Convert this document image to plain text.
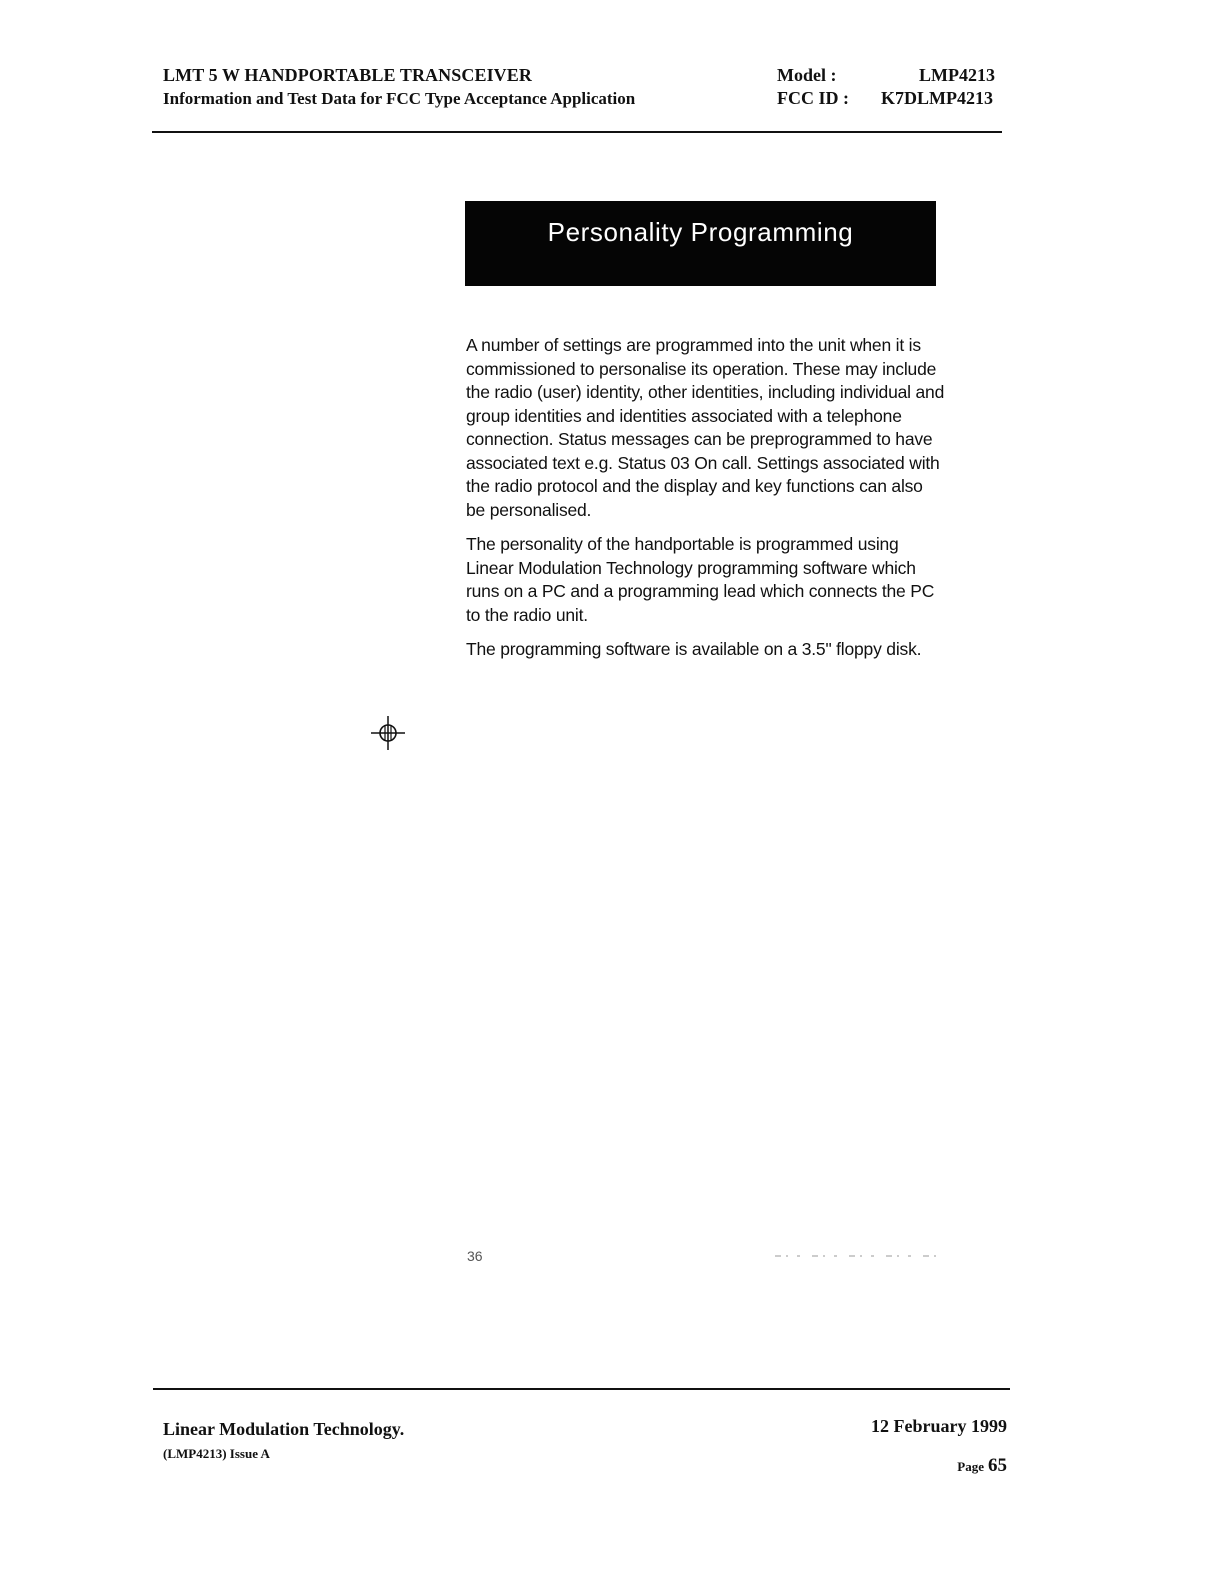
LMT 5 W HANDPORTABLE TRANSCEIVER
Information and Test Data for FCC Type Acceptance Application
Model :	LMP4213
FCC ID :	K7DLMP4213
Personality Programming

A number of settings are programmed into the unit when it is commissioned to personalise its operation. These may include the radio (user) identity, other identities, including individual and group identities and identities associated with a telephone connection. Status messages can be preprogrammed to have associated text e.g. Status 03 On call. Settings associated with the radio protocol and the display and key functions can also be personalised.

The personality of the handportable is programmed using Linear Modulation Technology programming software which runs on a PC and a programming lead which connects the PC to the radio unit.

The programming software is available on a 3.5" floppy disk.

36
Linear Modulation Technology.
(LMP4213) Issue A
12 February 1999
Page 65
